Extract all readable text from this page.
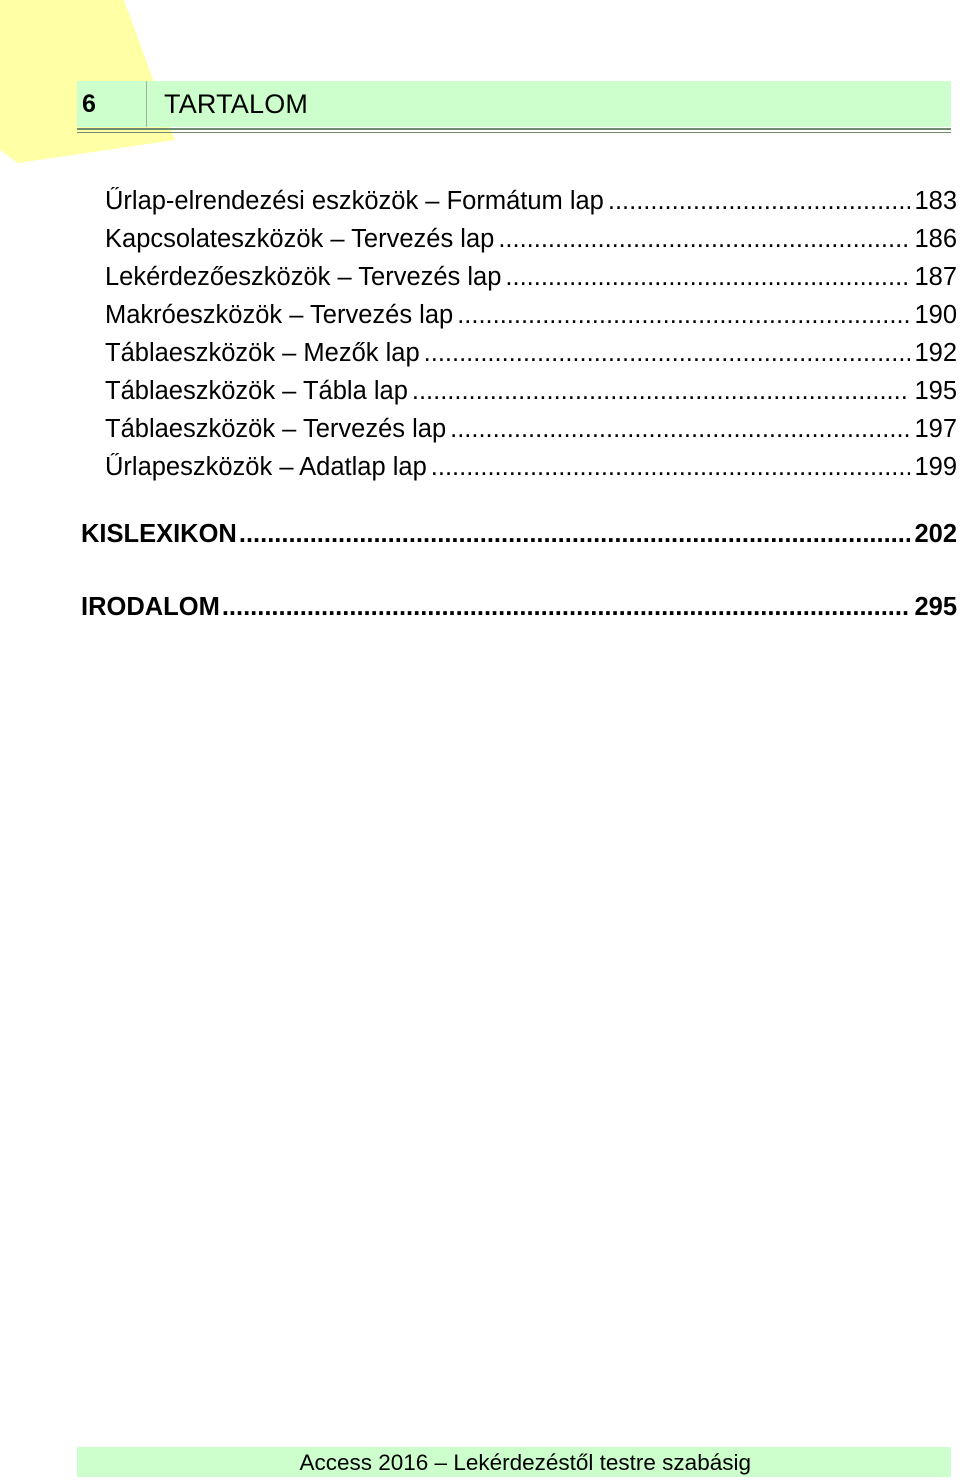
6	TARTALOM
Űrlap-elrendezési eszközök – Formátum lap .....	183
Kapcsolateszközök – Tervezés lap .....	186
Lekérdezőeszközök – Tervezés lap .....	187
Makróeszközök – Tervezés lap .....	190
Táblaeszközök – Mezők lap .....	192
Táblaeszközök – Tábla lap .....	195
Táblaeszközök – Tervezés lap .....	197
Űrlapeszközök – Adatlap lap .....	199
KISLEXIKON .....	202
IRODALOM .....	295
Access 2016 – Lekérdezéstől testre szabásig
